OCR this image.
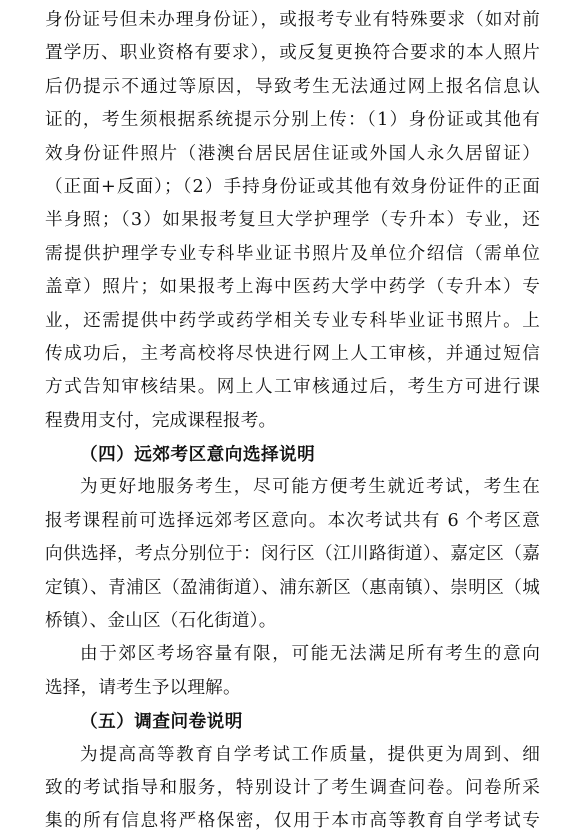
身份证号但未办理身份证），或报考专业有特殊要求（如对前
置学历、职业资格有要求），或反复更换符合要求的本人照片
后仍提示不通过等原因，导致考生无法通过网上报名信息认
证的，考生须根据系统提示分别上传：（1）身份证或其他有
效身份证件照片（港澳台居民居住证或外国人永久居留证）
（正面+反面）；（2）手持身份证或其他有效身份证件的正面
半身照；（3）如果报考复旦大学护理学（专升本）专业，还
需提供护理学专业专科毕业证书照片及单位介绍信（需单位
盖章）照片；如果报考上海中医药大学中药学（专升本）专
业，还需提供中药学或药学相关专业专科毕业证书照片。上
传成功后，主考高校将尽快进行网上人工审核，并通过短信
方式告知审核结果。网上人工审核通过后，考生方可进行课
程费用支付，完成课程报考。
（四）远郊考区意向选择说明
为更好地服务考生，尽可能方便考生就近考试，考生在
报考课程前可选择远郊考区意向。本次考试共有 6 个考区意
向供选择，考点分别位于：闵行区（江川路街道）、嘉定区（嘉
定镇）、青浦区（盈浦街道）、浦东新区（惠南镇）、崇明区（城
桥镇）、金山区（石化街道）。
由于郊区考场容量有限，可能无法满足所有考生的意向
选择，请考生予以理解。
（五）调查问卷说明
为提高高等教育自学考试工作质量，提供更为周到、细
致的考试指导和服务，特别设计了考生调查问卷。问卷所采
集的所有信息将严格保密，仅用于本市高等教育自学考试专
